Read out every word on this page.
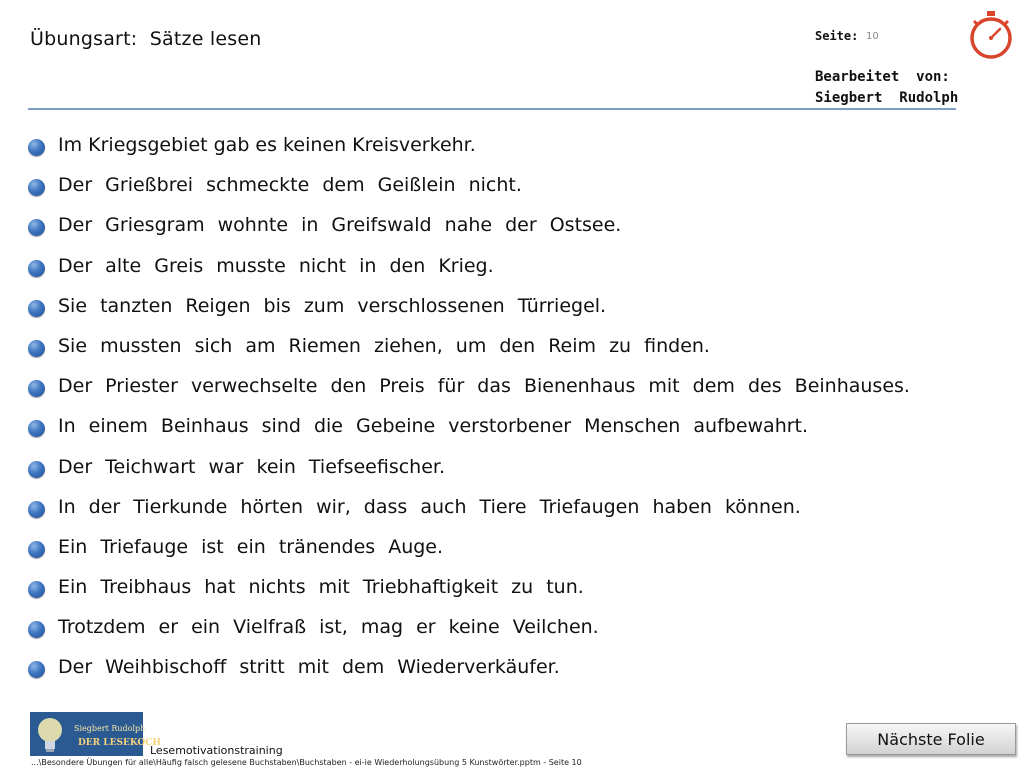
Übungsart:  Sätze lesen	Seite: 10
Bearbeitet  von:
Siegbert  Rudolph
Im Kriegsgebiet gab es keinen Kreisverkehr.
Der Grießbrei schmeckte dem Geißlein nicht.
Der Griesgram wohnte in Greifswald nahe der Ostsee.
Der alte Greis musste nicht in den Krieg.
Sie tanzten Reigen bis zum verschlossenen Türriegel.
Sie mussten sich am Riemen ziehen, um den Reim zu finden.
Der Priester verwechselte den Preis für das Bienenhaus mit dem des Beinhauses.
In einem Beinhaus sind die Gebeine verstorbener Menschen aufbewahrt.
Der Teichwart war kein Tiefseefischer.
In der Tierkunde hörten wir, dass auch Tiere Triefaugen haben können.
Ein Triefauge ist ein tränendes Auge.
Ein Treibhaus hat nichts mit Triebhaftigkeit zu tun.
Trotzdem er ein Vielfraß ist, mag er keine Veilchen.
Der Weihbischoff stritt mit dem Wiederverkäufer.
Siegbert Rudolph
DER LESEKOCH
Lesemotivationstraining
...\Besondere Übungen für alle\Häufig falsch gelesene Buchstaben\Buchstaben - ei-ie Wiederholungsübung 5 Kunstwörter.pptm - Seite 10
Nächste Folie
